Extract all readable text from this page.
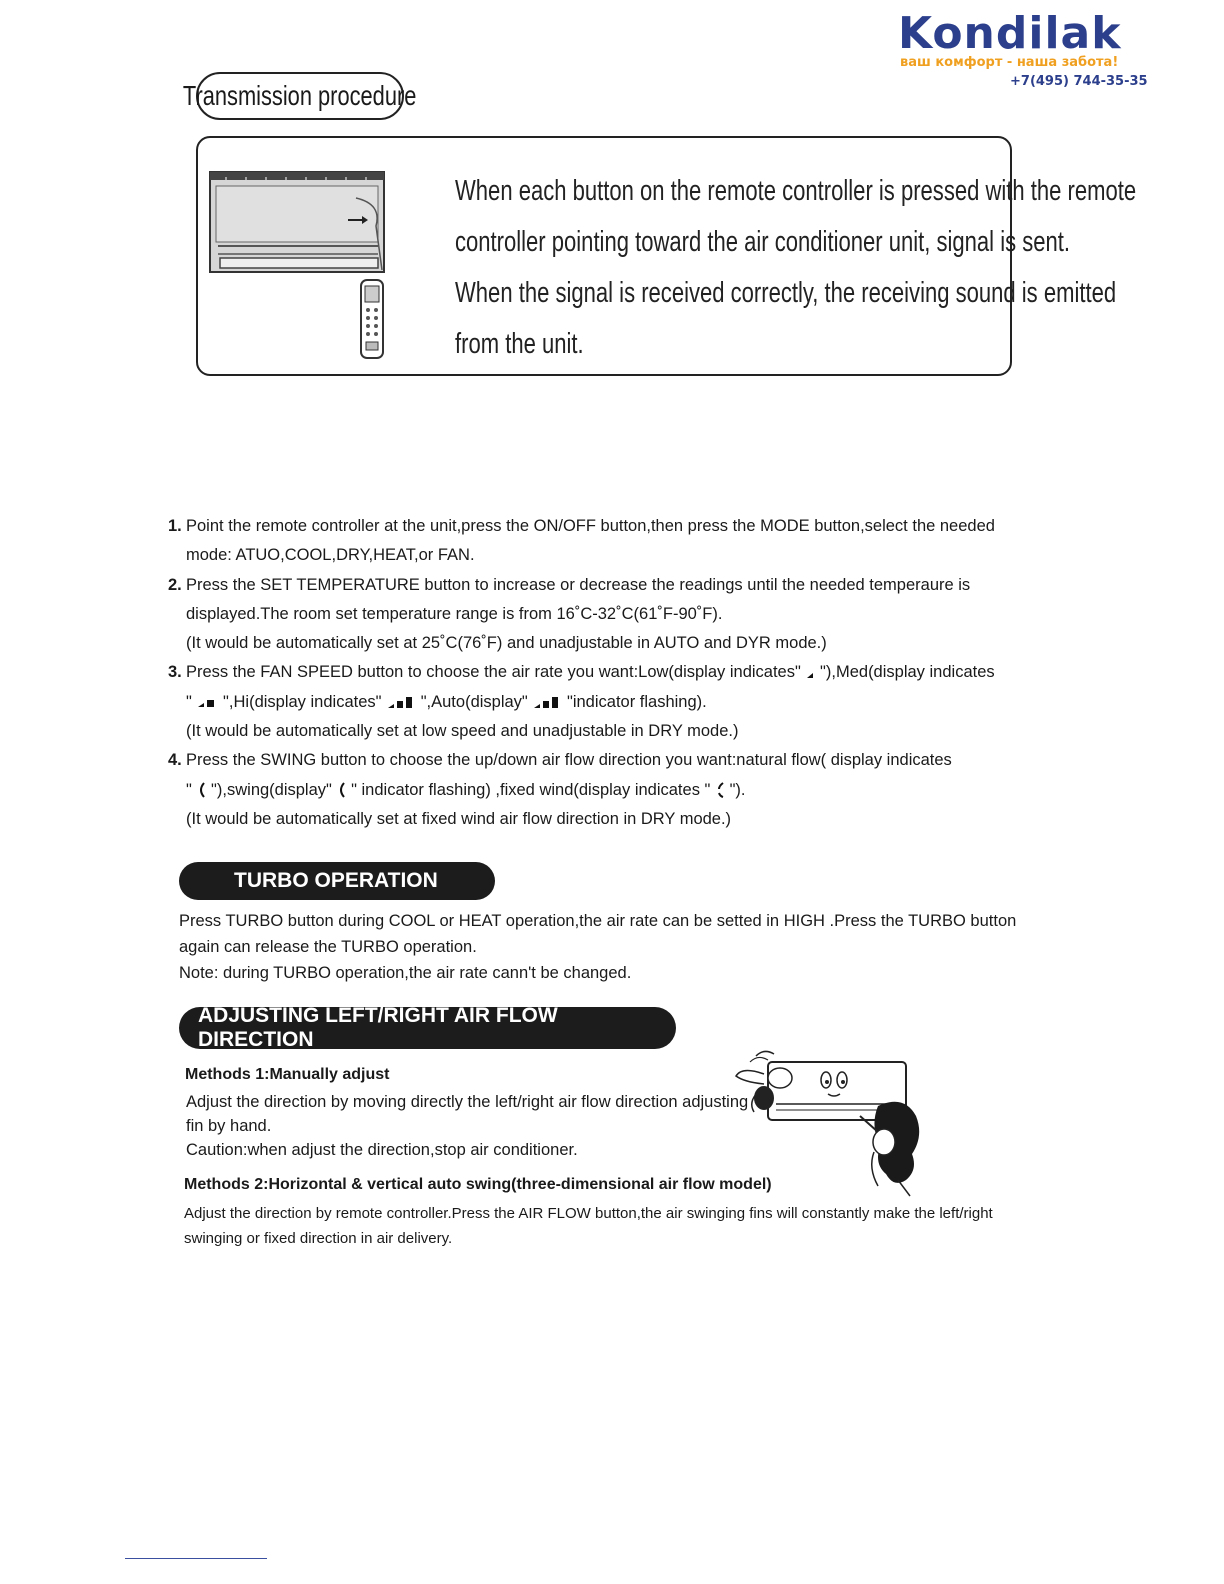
Kondilak
ваш комфорт - наша забота!
+7(495) 744-35-35
Transmission procedure
When each button on the remote controller is pressed with the remote
controller pointing toward the air conditioner unit, signal is sent.
When the signal is received correctly, the receiving sound is emitted
from the unit.
1. Point the remote controller at the unit,press the ON/OFF button,then press the MODE button,select the needed
mode: ATUO,COOL,DRY,HEAT,or FAN.
2. Press the SET TEMPERATURE button to increase or decrease the readings until the needed temperaure is
displayed.The room set temperature range is from 16˚C-32˚C(61˚F-90˚F).
(It would be automatically set at 25˚C(76˚F) and unadjustable in AUTO and DYR mode.)
3. Press the FAN SPEED button to choose the air rate you want:Low(display indicates" "),Med(display indicates
" ",Hi(display indicates" ",Auto(display" "indicator flashing).
(It would be automatically set at low speed and unadjustable in DRY mode.)
4. Press the SWING button to choose the up/down air flow direction you want:natural flow( display indicates
" "),swing(display" " indicator flashing) ,fixed wind(display indicates " ").
(It would be automatically set at fixed wind air flow direction in DRY mode.)
TURBO OPERATION
Press TURBO button during COOL or HEAT operation,the air rate can be setted in HIGH .Press the TURBO button
again can release the TURBO operation.
Note: during TURBO operation,the air rate cann't be changed.
ADJUSTING LEFT/RIGHT AIR FLOW DIRECTION
Methods 1:Manually adjust
Adjust the direction by moving directly the left/right air flow direction adjusting
fin by hand.
Caution:when adjust the direction,stop air conditioner.
Methods 2:Horizontal & vertical auto swing(three-dimensional air flow model)
Adjust the direction by remote controller.Press the AIR FLOW button,the air swinging fins will constantly make the left/right
swinging or fixed direction in air delivery.
